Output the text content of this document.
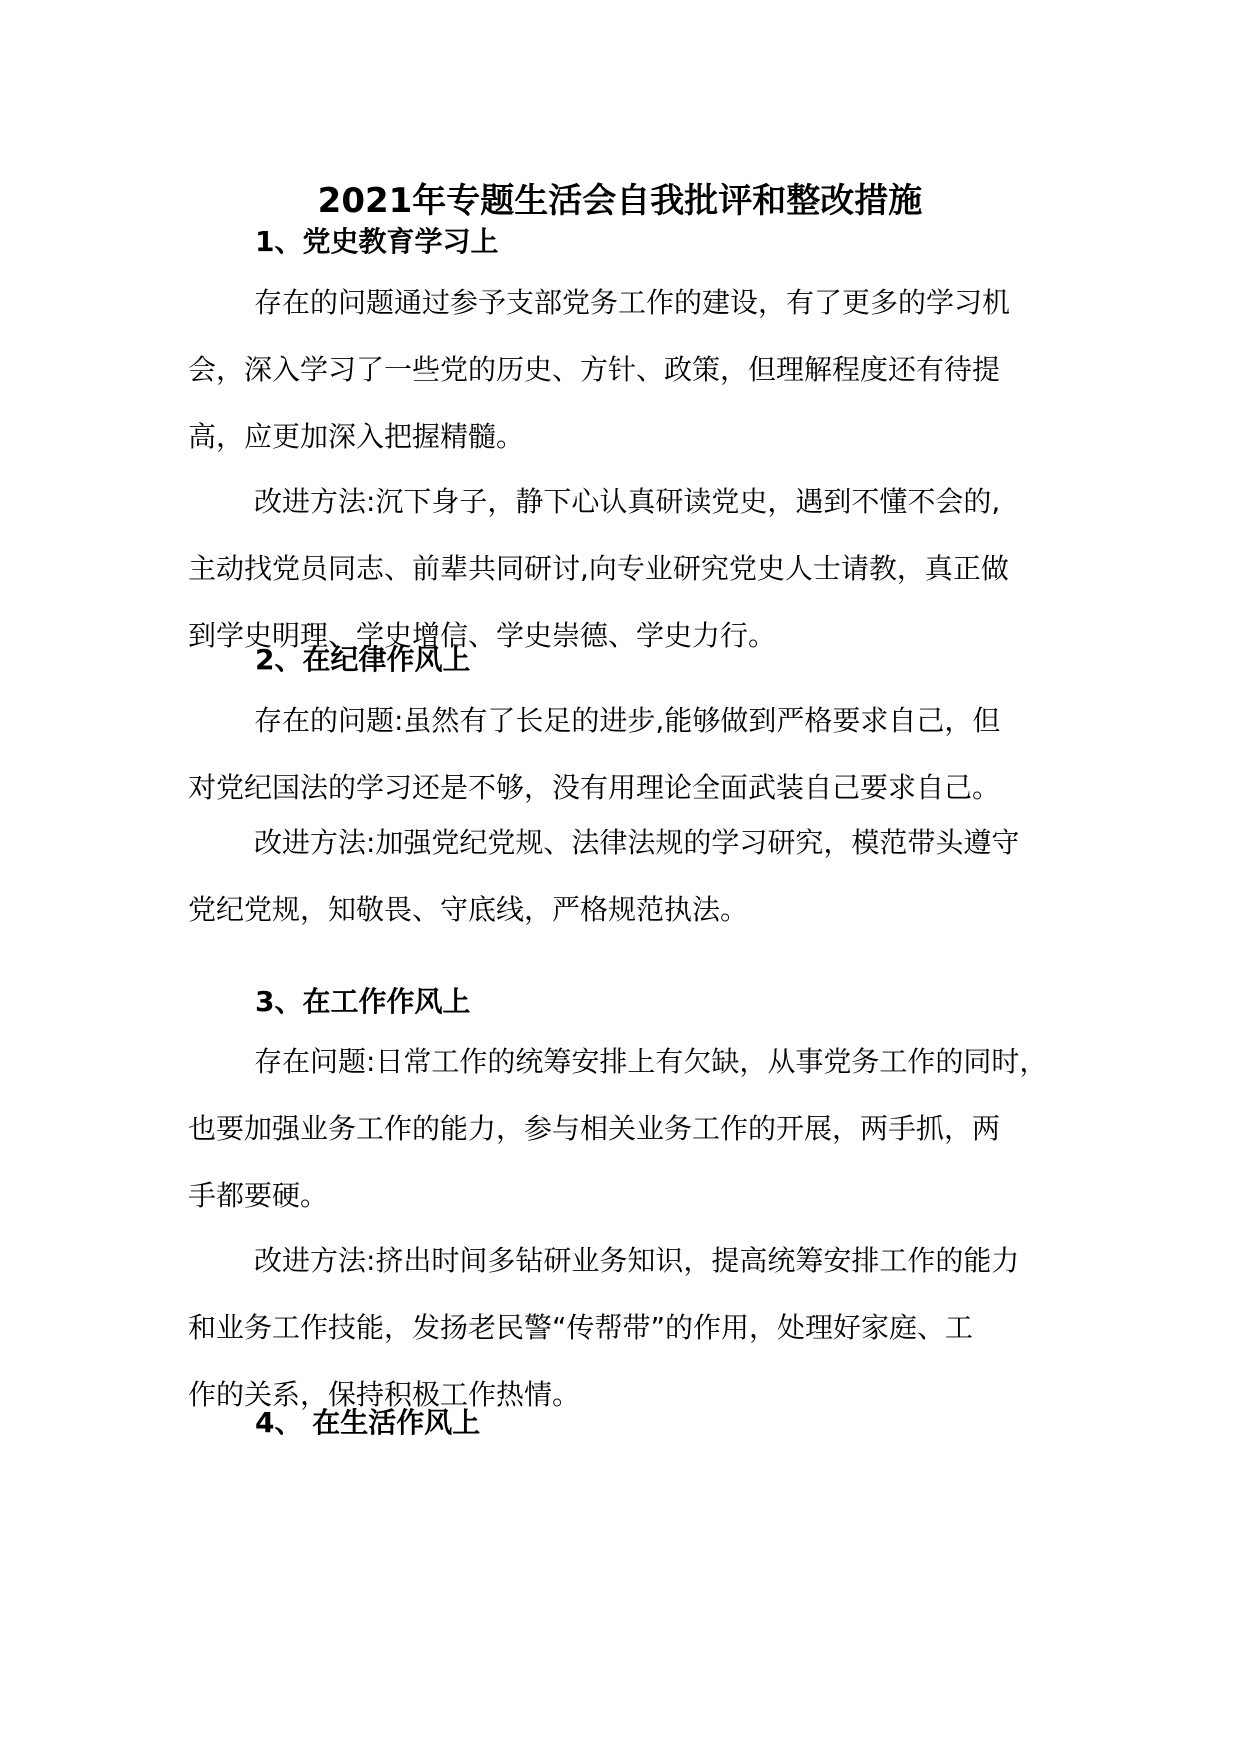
2021年专题生活会自我批评和整改措施
1、党史教育学习上

存在的问题通过参予支部党务工作的建设，有了更多的学习机
会，深入学习了一些党的历史、方针、政策，但理解程度还有待提
高，应更加深入把握精髓。

改进方法:沉下身子，静下心认真研读党史，遇到不懂不会的,
主动找党员同志、前辈共同研讨,向专业研究党史人士请教，真正做
到学史明理、学史增信、学史崇德、学史力行。

2、在纪律作风上

存在的问题:虽然有了长足的进步,能够做到严格要求自己，但
对党纪国法的学习还是不够，没有用理论全面武装自己要求自己。

改进方法:加强党纪党规、法律法规的学习研究，模范带头遵守
党纪党规，知敬畏、守底线，严格规范执法。

3、在工作作风上

存在问题:日常工作的统筹安排上有欠缺，从事党务工作的同时，
也要加强业务工作的能力，参与相关业务工作的开展，两手抓，两
手都要硬。

改进方法:挤出时间多钻研业务知识，提高统筹安排工作的能力
和业务工作技能，发扬老民警“传帮带”的作用，处理好家庭、工
作的关系，保持积极工作热情。

4、 在生活作风上
